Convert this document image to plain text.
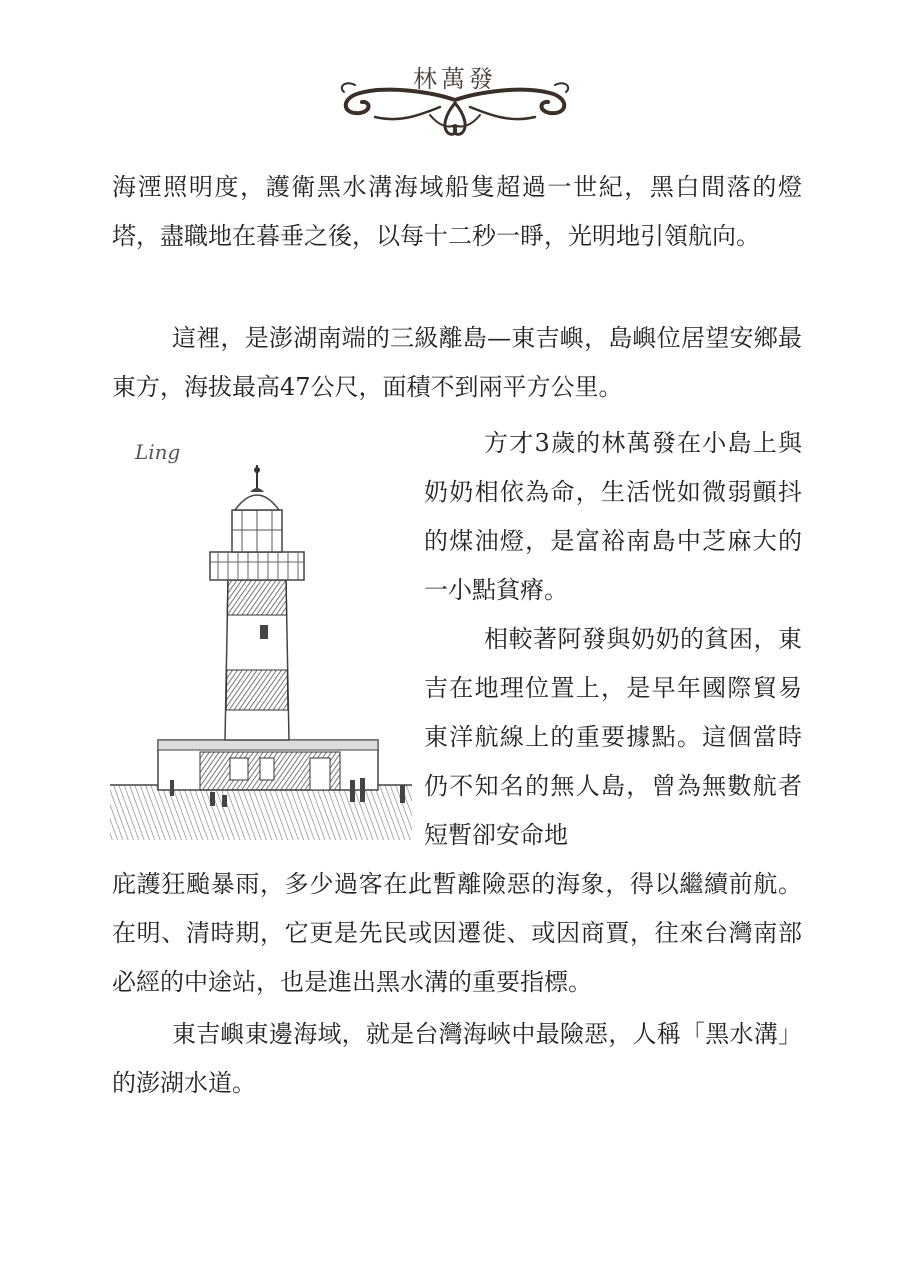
林萬發

海湮照明度，護衛黑水溝海域船隻超過一世紀，黑白間落的燈塔，盡職地在暮垂之後，以每十二秒一睜，光明地引領航向。

這裡，是澎湖南端的三級離島—東吉嶼，島嶼位居望安鄉最東方，海拔最高47公尺，面積不到兩平方公里。

Ling	方才3歲的林萬發在小島上與奶奶相依為命，生活恍如微弱顫抖的煤油燈，是富裕南島中芝麻大的一小點貧瘠。

相較著阿發與奶奶的貧困，東吉在地理位置上，是早年國際貿易東洋航線上的重要據點。這個當時仍不知名的無人島，曾為無數航者短暫卻安命地

庇護狂颱暴雨，多少過客在此暫離險惡的海象，得以繼續前航。在明、清時期，它更是先民或因遷徙、或因商賈，往來台灣南部必經的中途站，也是進出黑水溝的重要指標。

東吉嶼東邊海域，就是台灣海峽中最險惡，人稱「黑水溝」的澎湖水道。
